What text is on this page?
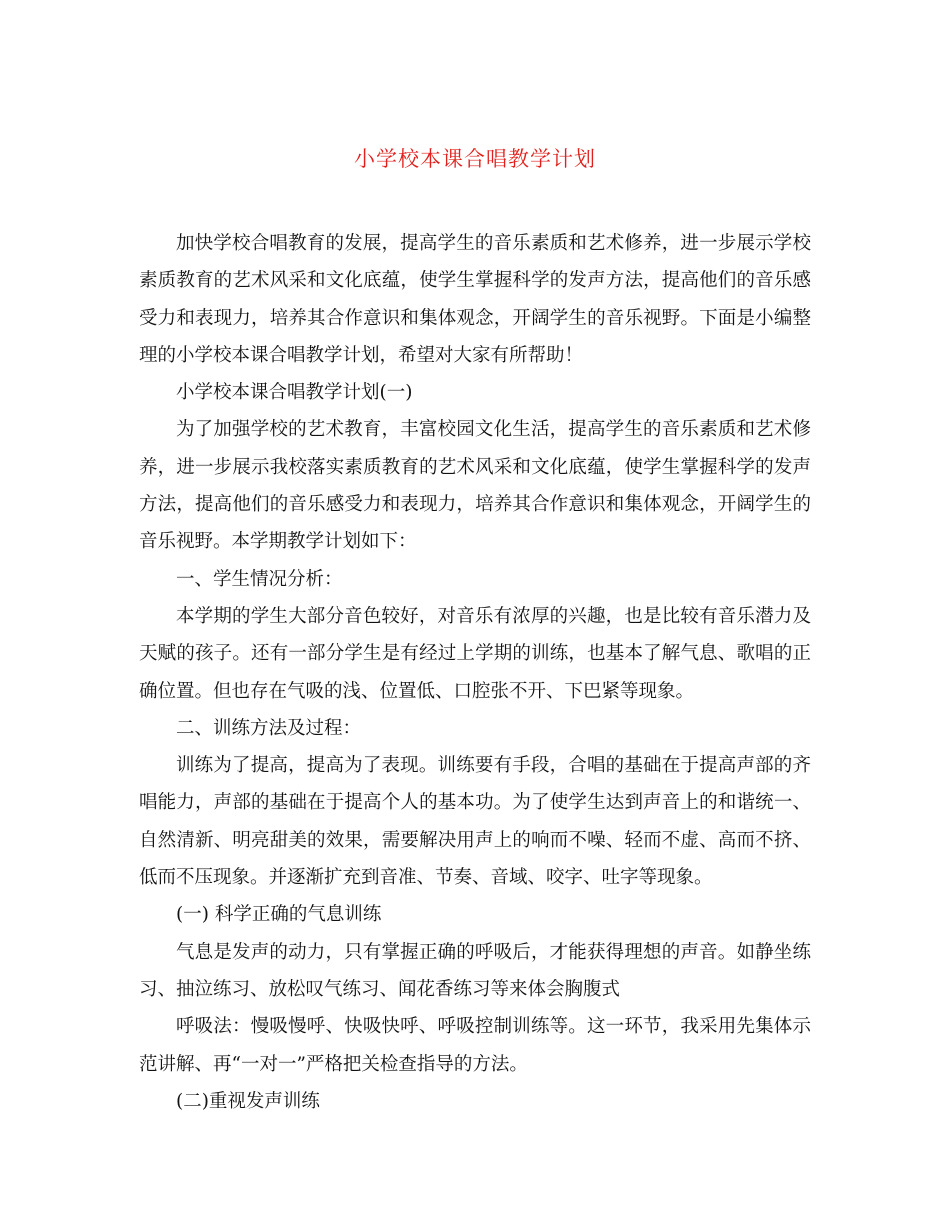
小学校本课合唱教学计划

加快学校合唱教育的发展，提高学生的音乐素质和艺术修养，进一步展示学校素质教育的艺术风采和文化底蕴，使学生掌握科学的发声方法，提高他们的音乐感受力和表现力，培养其合作意识和集体观念，开阔学生的音乐视野。下面是小编整理的小学校本课合唱教学计划，希望对大家有所帮助！

小学校本课合唱教学计划(一)

为了加强学校的艺术教育，丰富校园文化生活，提高学生的音乐素质和艺术修养，进一步展示我校落实素质教育的艺术风采和文化底蕴，使学生掌握科学的发声方法，提高他们的音乐感受力和表现力，培养其合作意识和集体观念，开阔学生的音乐视野。本学期教学计划如下：

一、学生情况分析：

本学期的学生大部分音色较好，对音乐有浓厚的兴趣，也是比较有音乐潜力及天赋的孩子。还有一部分学生是有经过上学期的训练，也基本了解气息、歌唱的正确位置。但也存在气吸的浅、位置低、口腔张不开、下巴紧等现象。

二、训练方法及过程：

训练为了提高，提高为了表现。训练要有手段，合唱的基础在于提高声部的齐唱能力，声部的基础在于提高个人的基本功。为了使学生达到声音上的和谐统一、自然清新、明亮甜美的效果，需要解决用声上的响而不噪、轻而不虚、高而不挤、低而不压现象。并逐渐扩充到音准、节奏、音域、咬字、吐字等现象。

(一) 科学正确的气息训练

气息是发声的动力，只有掌握正确的呼吸后，才能获得理想的声音。如静坐练习、抽泣练习、放松叹气练习、闻花香练习等来体会胸腹式

呼吸法：慢吸慢呼、快吸快呼、呼吸控制训练等。这一环节，我采用先集体示范讲解、再“一对一”严格把关检查指导的方法。

(二)重视发声训练
